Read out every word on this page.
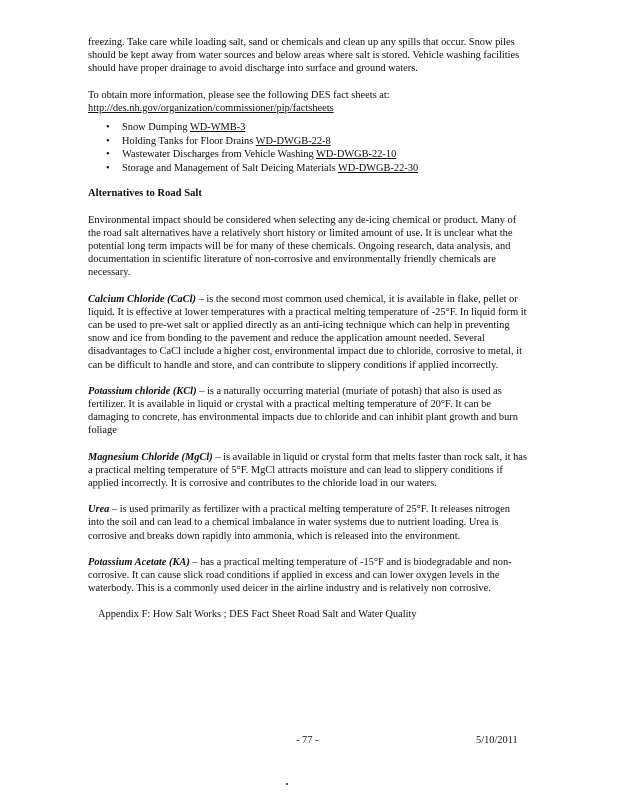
freezing. Take care while loading salt, sand or chemicals and clean up any spills that occur. Snow piles should be kept away from water sources and below areas where salt is stored. Vehicle washing facilities should have proper drainage to avoid discharge into surface and ground waters.

To obtain more information, please see the following DES fact sheets at:
http://des.nh.gov/organization/commissioner/pip/factsheets

• Snow Dumping WD-WMB-3
• Holding Tanks for Floor Drains WD-DWGB-22-8
• Wastewater Discharges from Vehicle Washing WD-DWGB-22-10
• Storage and Management of Salt Deicing Materials WD-DWGB-22-30
Alternatives to Road Salt

Environmental impact should be considered when selecting any de-icing chemical or product. Many of the road salt alternatives have a relatively short history or limited amount of use. It is unclear what the potential long term impacts will be for many of these chemicals. Ongoing research, data analysis, and documentation in scientific literature of non-corrosive and environmentally friendly chemicals are necessary.

Calcium Chloride (CaCl) – is the second most common used chemical, it is available in flake, pellet or liquid. It is effective at lower temperatures with a practical melting temperature of -25°F. In liquid form it can be used to pre-wet salt or applied directly as an anti-icing technique which can help in preventing snow and ice from bonding to the pavement and reduce the application amount needed. Several disadvantages to CaCl include a higher cost, environmental impact due to chloride, corrosive to metal, it can be difficult to handle and store, and can contribute to slippery conditions if applied incorrectly.

Potassium chloride (KCl) – is a naturally occurring material (muriate of potash) that also is used as fertilizer. It is available in liquid or crystal with a practical melting temperature of 20°F. It can be damaging to concrete, has environmental impacts due to chloride and can inhibit plant growth and burn foliage

Magnesium Chloride (MgCl) – is available in liquid or crystal form that melts faster than rock salt, it has a practical melting temperature of 5°F. MgCl attracts moisture and can lead to slippery conditions if applied incorrectly. It is corrosive and contributes to the chloride load in our waters.

Urea – is used primarily as fertilizer with a practical melting temperature of 25°F. It releases nitrogen into the soil and can lead to a chemical imbalance in water systems due to nutrient loading. Urea is corrosive and breaks down rapidly into ammonia, which is released into the environment.

Potassium Acetate (KA) – has a practical melting temperature of -15°F and is biodegradable and non-corrosive. It can cause slick road conditions if applied in excess and can lower oxygen levels in the waterbody. This is a commonly used deicer in the airline industry and is relatively non corrosive.

Appendix F: How Salt Works ; DES Fact Sheet Road Salt and Water Quality

- 77 -	5/10/2011
